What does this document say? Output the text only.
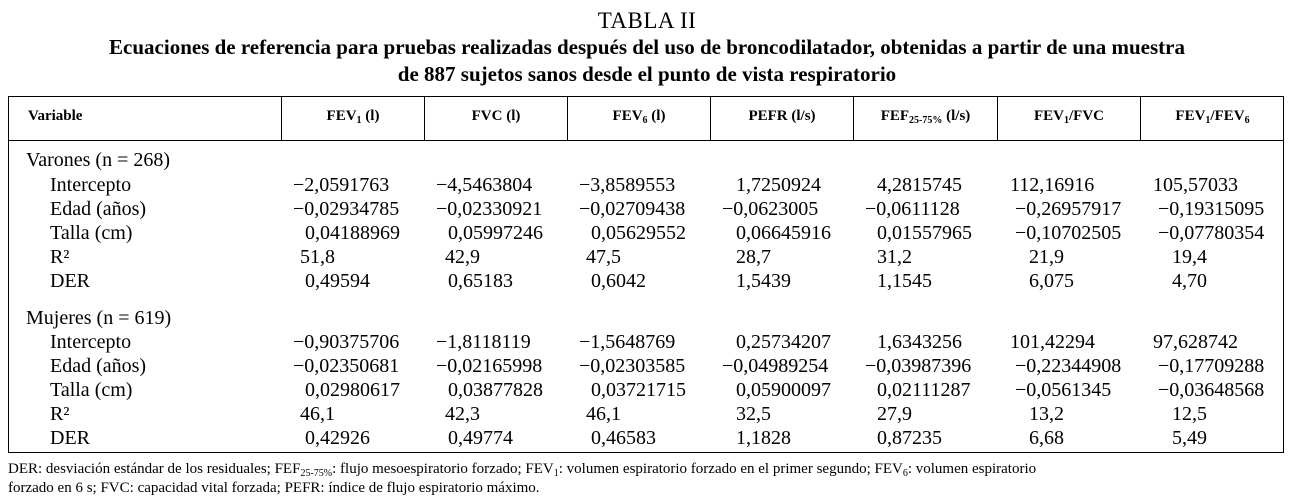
TABLA II
Ecuaciones de referencia para pruebas realizadas después del uso de broncodilatador, obtenidas a partir de una muestra
de 887 sujetos sanos desde el punto de vista respiratorio
Variable	$FEV_1$ (l)	FVC (l)	$FEV_6$ (l)	PEFR (l/s)	$FEF_{25-75\%}$ (l/s)	$FEV_1$/FVC	$FEV_1/FEV_6$
Varones (n = 268)
Intercepto	−2,0591763 −4,5463804 −3,8589553	1,7250924	4,2815745 112,16916	105,57033
Edad (años)	−0,02934785 −0,02330921 −0,02709438 −0,0623005 −0,0611128	−0,26957917 −0,19315095
Talla (cm)	0,04188969 0,05997246 0,05629552	0,06645916 0,01557965 −0,10702505 −0,07780354
R²	51,8	42,9	47,5	28,7	31,2	21,9	19,4
DER	0,49594	0,65183	0,6042	1,5439	1,1545	6,075	4,70
Mujeres (n = 619)
Intercepto	−0,90375706 −1,8118119 −1,5648769	0,25734207 1,6343256 101,42294	97,628742
Edad (años)	−0,02350681 −0,02165998 −0,02303585 −0,04989254 −0,03987396 −0,22344908 −0,17709288
Talla (cm)	0,02980617 0,03877828 0,03721715	0,05900097 0,02111287 −0,0561345 −0,03648568
R²	46,1	42,3	46,1	32,5	27,9	13,2	12,5
DER	0,42926	0,49774	0,46583	1,1828	0,87235	6,68	5,49
DER: desviación estándar de los residuales; $FEF_{25-75\%}$: flujo mesoespiratorio forzado; $FEV_1$: volumen espiratorio forzado en el primer segundo; $FEV_6$: volumen espiratorio
forzado en 6 s; FVC: capacidad vital forzada; PEFR: índice de flujo espiratorio máximo.
